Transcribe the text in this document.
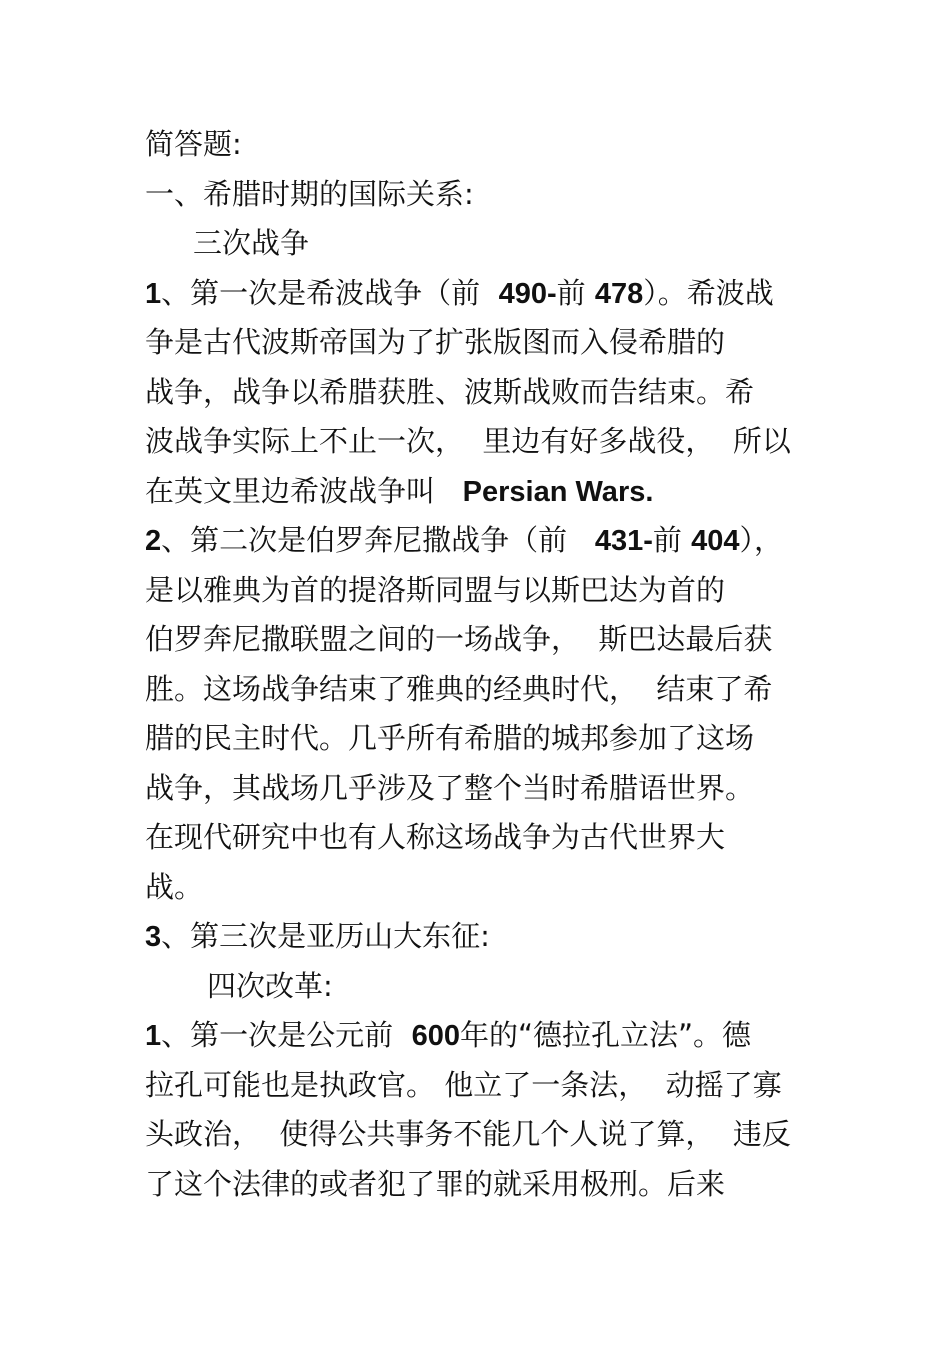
简答题:
一、希腊时期的国际关系:
三次战争
1、第一次是希波战争（前 490-前 478）。希波战
争是古代波斯帝国为了扩张版图而入侵希腊的
战争，战争以希腊获胜、波斯战败而告结束。希
波战争实际上不止一次，  里边有好多战役，  所以
在英文里边希波战争叫 Persian Wars.
2、第二次是伯罗奔尼撒战争（前 431-前 404），
是以雅典为首的提洛斯同盟与以斯巴达为首的
伯罗奔尼撒联盟之间的一场战争，  斯巴达最后获
胜。这场战争结束了雅典的经典时代，  结束了希
腊的民主时代。几乎所有希腊的城邦参加了这场
战争，其战场几乎涉及了整个当时希腊语世界。
在现代研究中也有人称这场战争为古代世界大
战。
3、第三次是亚历山大东征:
四次改革:
1、第一次是公元前 600年的“德拉孔立法”。德
拉孔可能也是执政官。 他立了一条法，  动摇了寡
头政治，  使得公共事务不能几个人说了算，  违反
了这个法律的或者犯了罪的就采用极刑。后来
